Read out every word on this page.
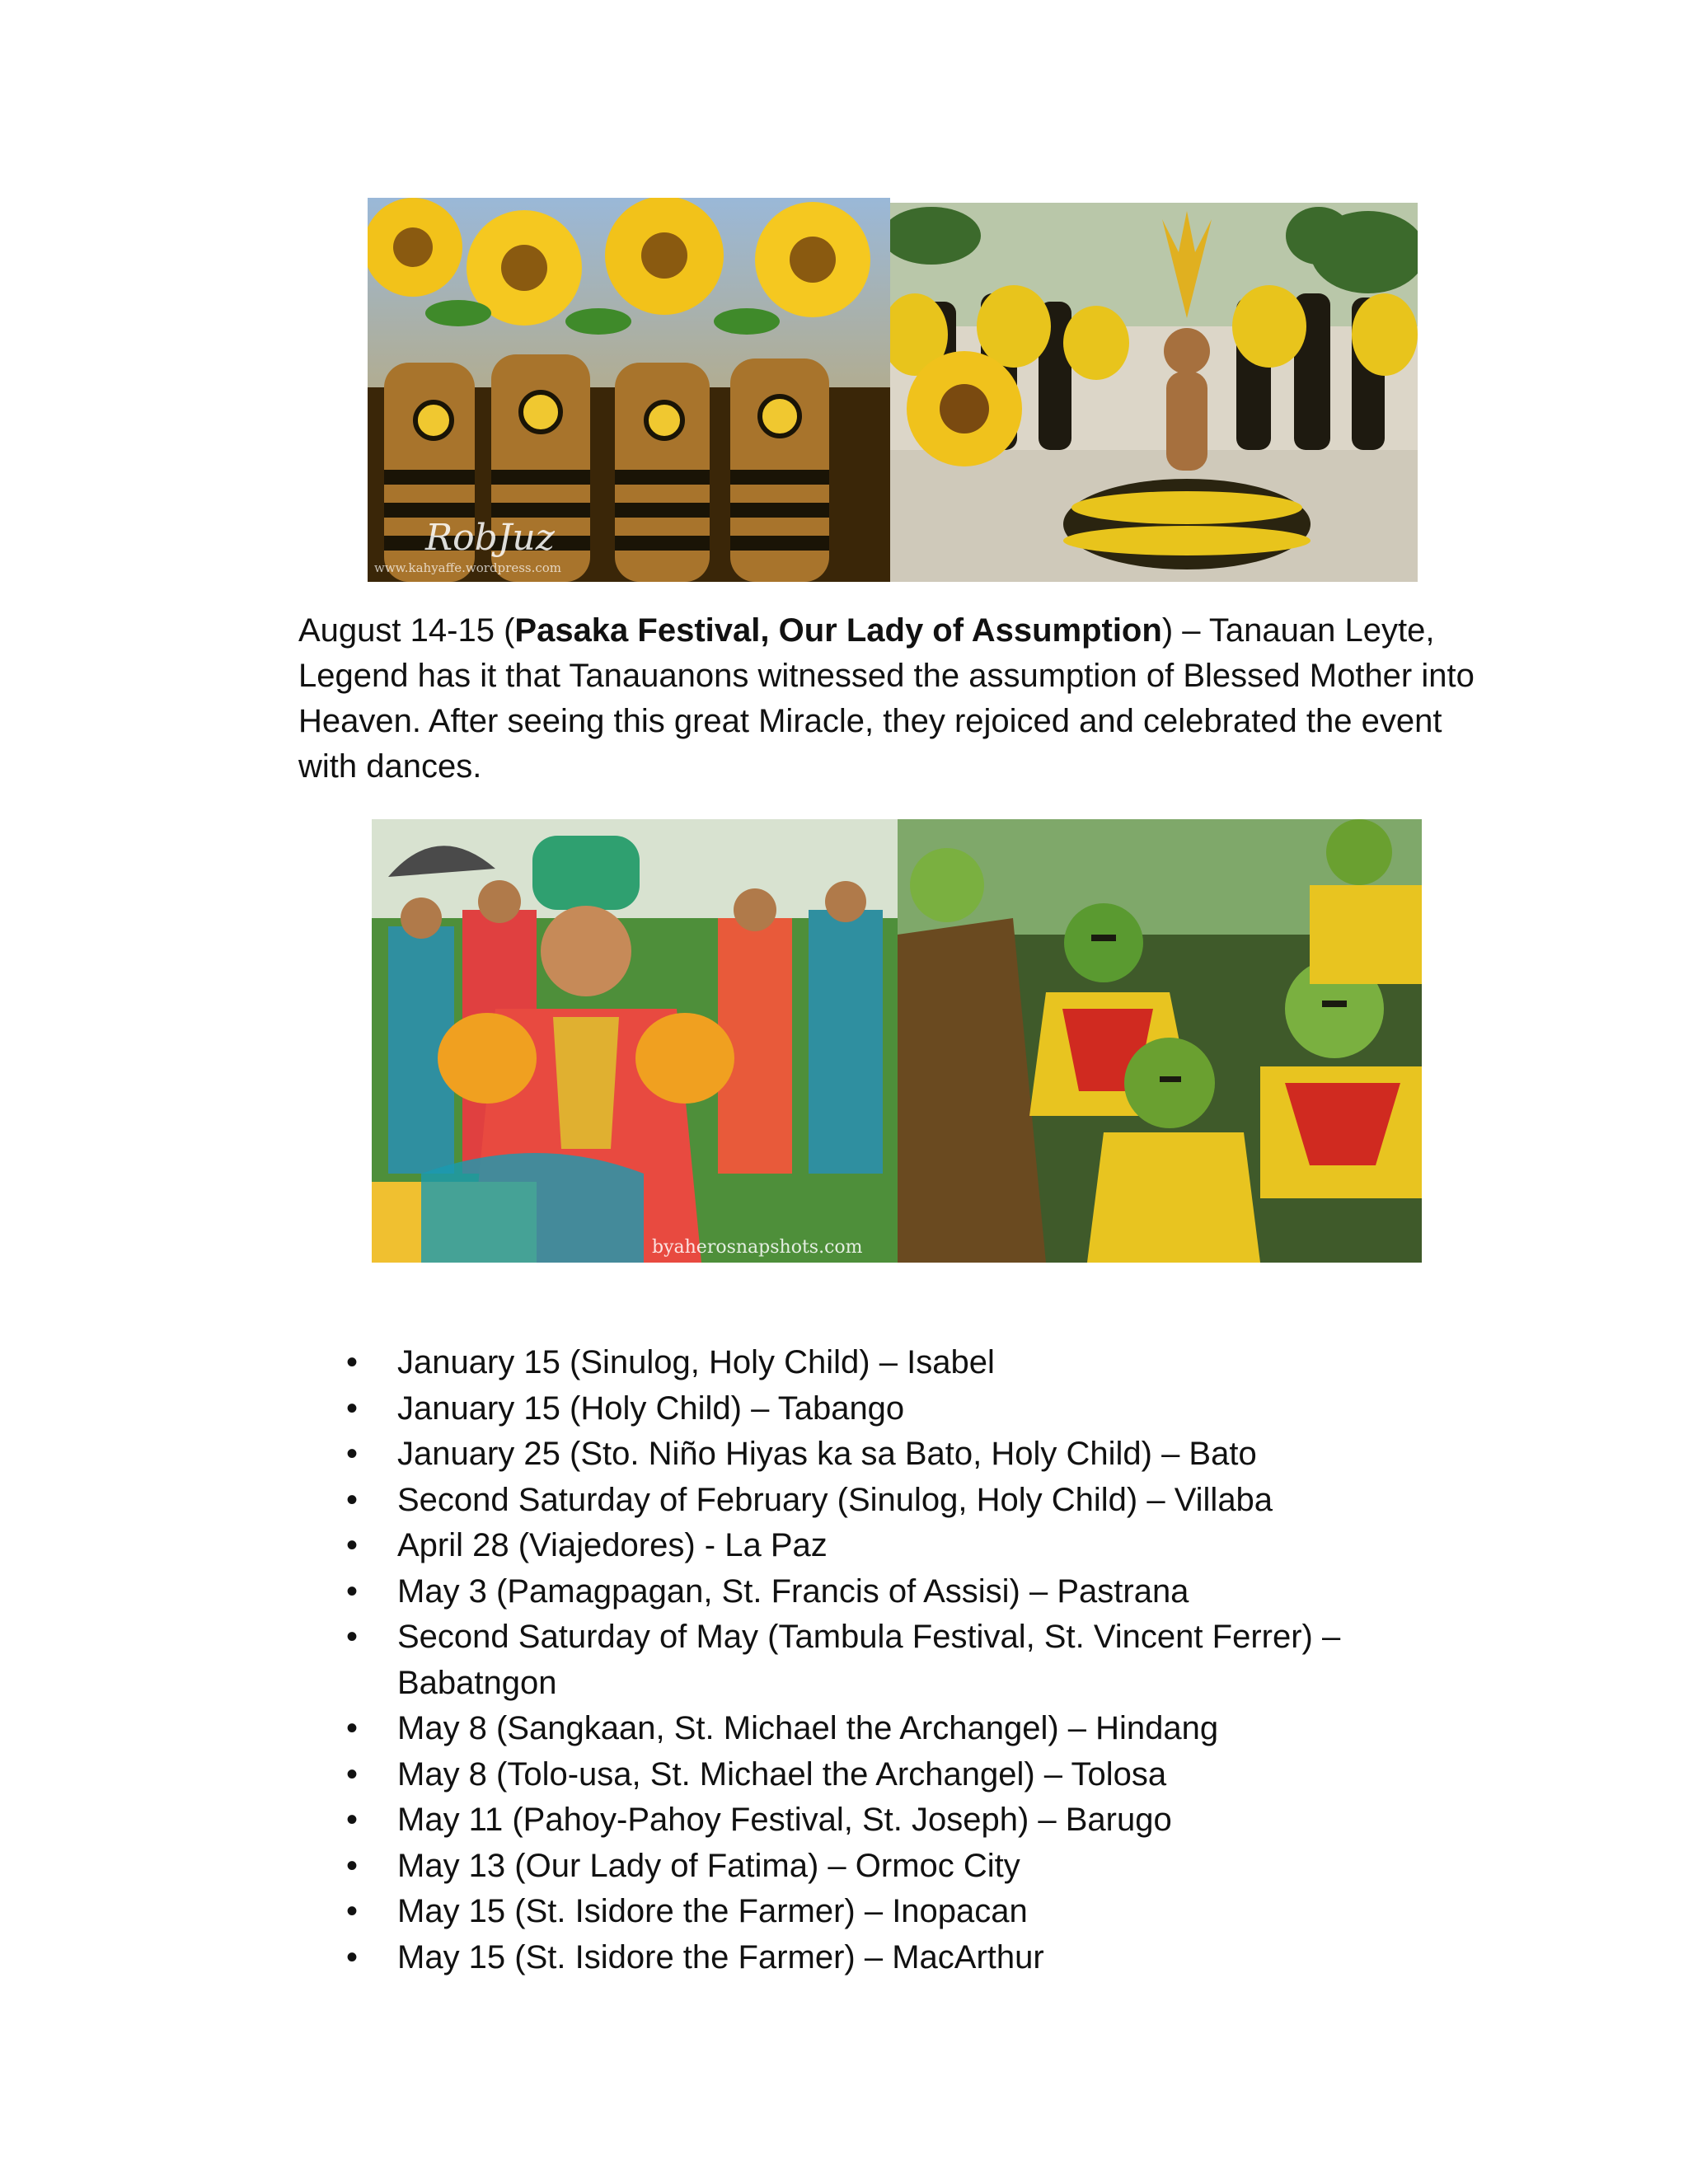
RobJuz
www.kahyaffe.wordpress.com

August 14-15 (Pasaka Festival, Our Lady of Assumption) – Tanauan Leyte, Legend has it that Tanauanons witnessed the assumption of Blessed Mother into Heaven. After seeing this great Miracle, they rejoiced and celebrated the event with dances.

byaherosnapshots.com
• January 15 (Sinulog, Holy Child) – Isabel
• January 15 (Holy Child) – Tabango
• January 25 (Sto. Niño Hiyas ka sa Bato, Holy Child) – Bato
• Second Saturday of February (Sinulog, Holy Child) – Villaba
• April 28 (Viajedores) - La Paz
• May 3 (Pamagpagan, St. Francis of Assisi) – Pastrana
• Second Saturday of May (Tambula Festival, St. Vincent Ferrer) – Babatngon
• May 8 (Sangkaan, St. Michael the Archangel) – Hindang
• May 8 (Tolo-usa, St. Michael the Archangel) – Tolosa
• May 11 (Pahoy-Pahoy Festival, St. Joseph) – Barugo
• May 13 (Our Lady of Fatima) – Ormoc City
• May 15 (St. Isidore the Farmer) – Inopacan
• May 15 (St. Isidore the Farmer) – MacArthur
